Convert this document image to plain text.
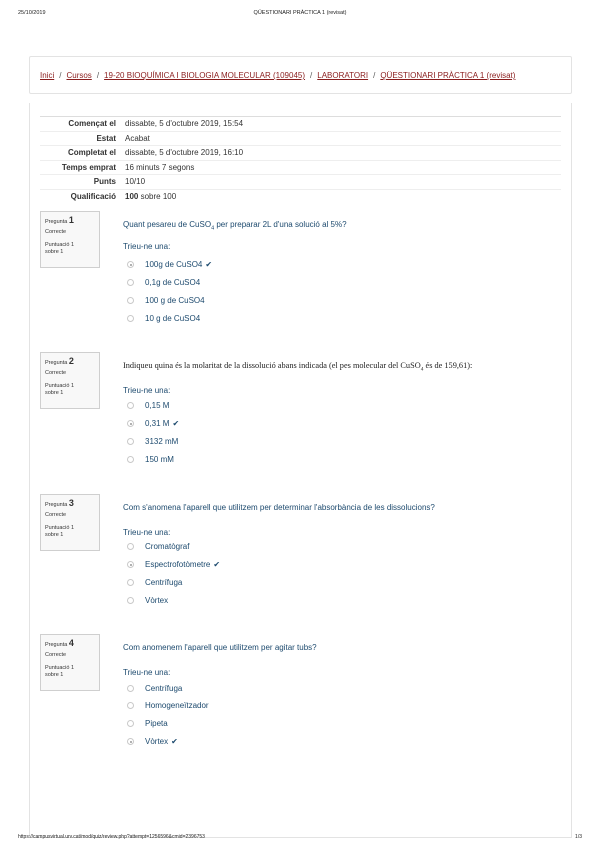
25/10/2019	QÜESTIONARI PRÀCTICA 1 (revisat)
Inici / Cursos / 19-20 BIOQUÍMICA I BIOLOGIA MOLECULAR (109045) / LABORATORI / QÜESTIONARI PRÀCTICA 1 (revisat)
Començat el	dissabte, 5 d'octubre 2019, 15:54
Estat	Acabat
Completat el	dissabte, 5 d'octubre 2019, 16:10
Temps emprat	16 minuts 7 segons
Punts	10/10
Qualificació	100 sobre 100
Pregunta 1
Correcte
Puntuació 1
sobre 1
Quant pesareu de CuSO$_4$ per preparar 2L d'una solució al 5%?
Trieu-ne una:
100g de CuSO4 ✔
0,1g de CuSO4
100 g de CuSO4
10 g de CuSO4
Pregunta 2
Correcte
Puntuació 1
sobre 1
Indiqueu quina és la molaritat de la dissolució abans indicada (el pes molecular del CuSO$_4$ és de 159,61):
Trieu-ne una:
0,15 M
0,31 M ✔
3132 mM
150 mM
Pregunta 3
Correcte
Puntuació 1
sobre 1
Com s'anomena l'aparell que utilitzem per determinar l'absorbància de les dissolucions?
Trieu-ne una:
Cromatògraf
Espectrofotòmetre ✔
Centrífuga
Vòrtex
Pregunta 4
Correcte
Puntuació 1
sobre 1
Com anomenem l'aparell que utilitzem per agitar tubs?
Trieu-ne una:
Centrífuga
Homogeneïtzador
Pipeta
Vòrtex ✔
https://campusvirtual.urv.cat/mod/quiz/review.php?attempt=1256596&cmid=2396753	1/3
